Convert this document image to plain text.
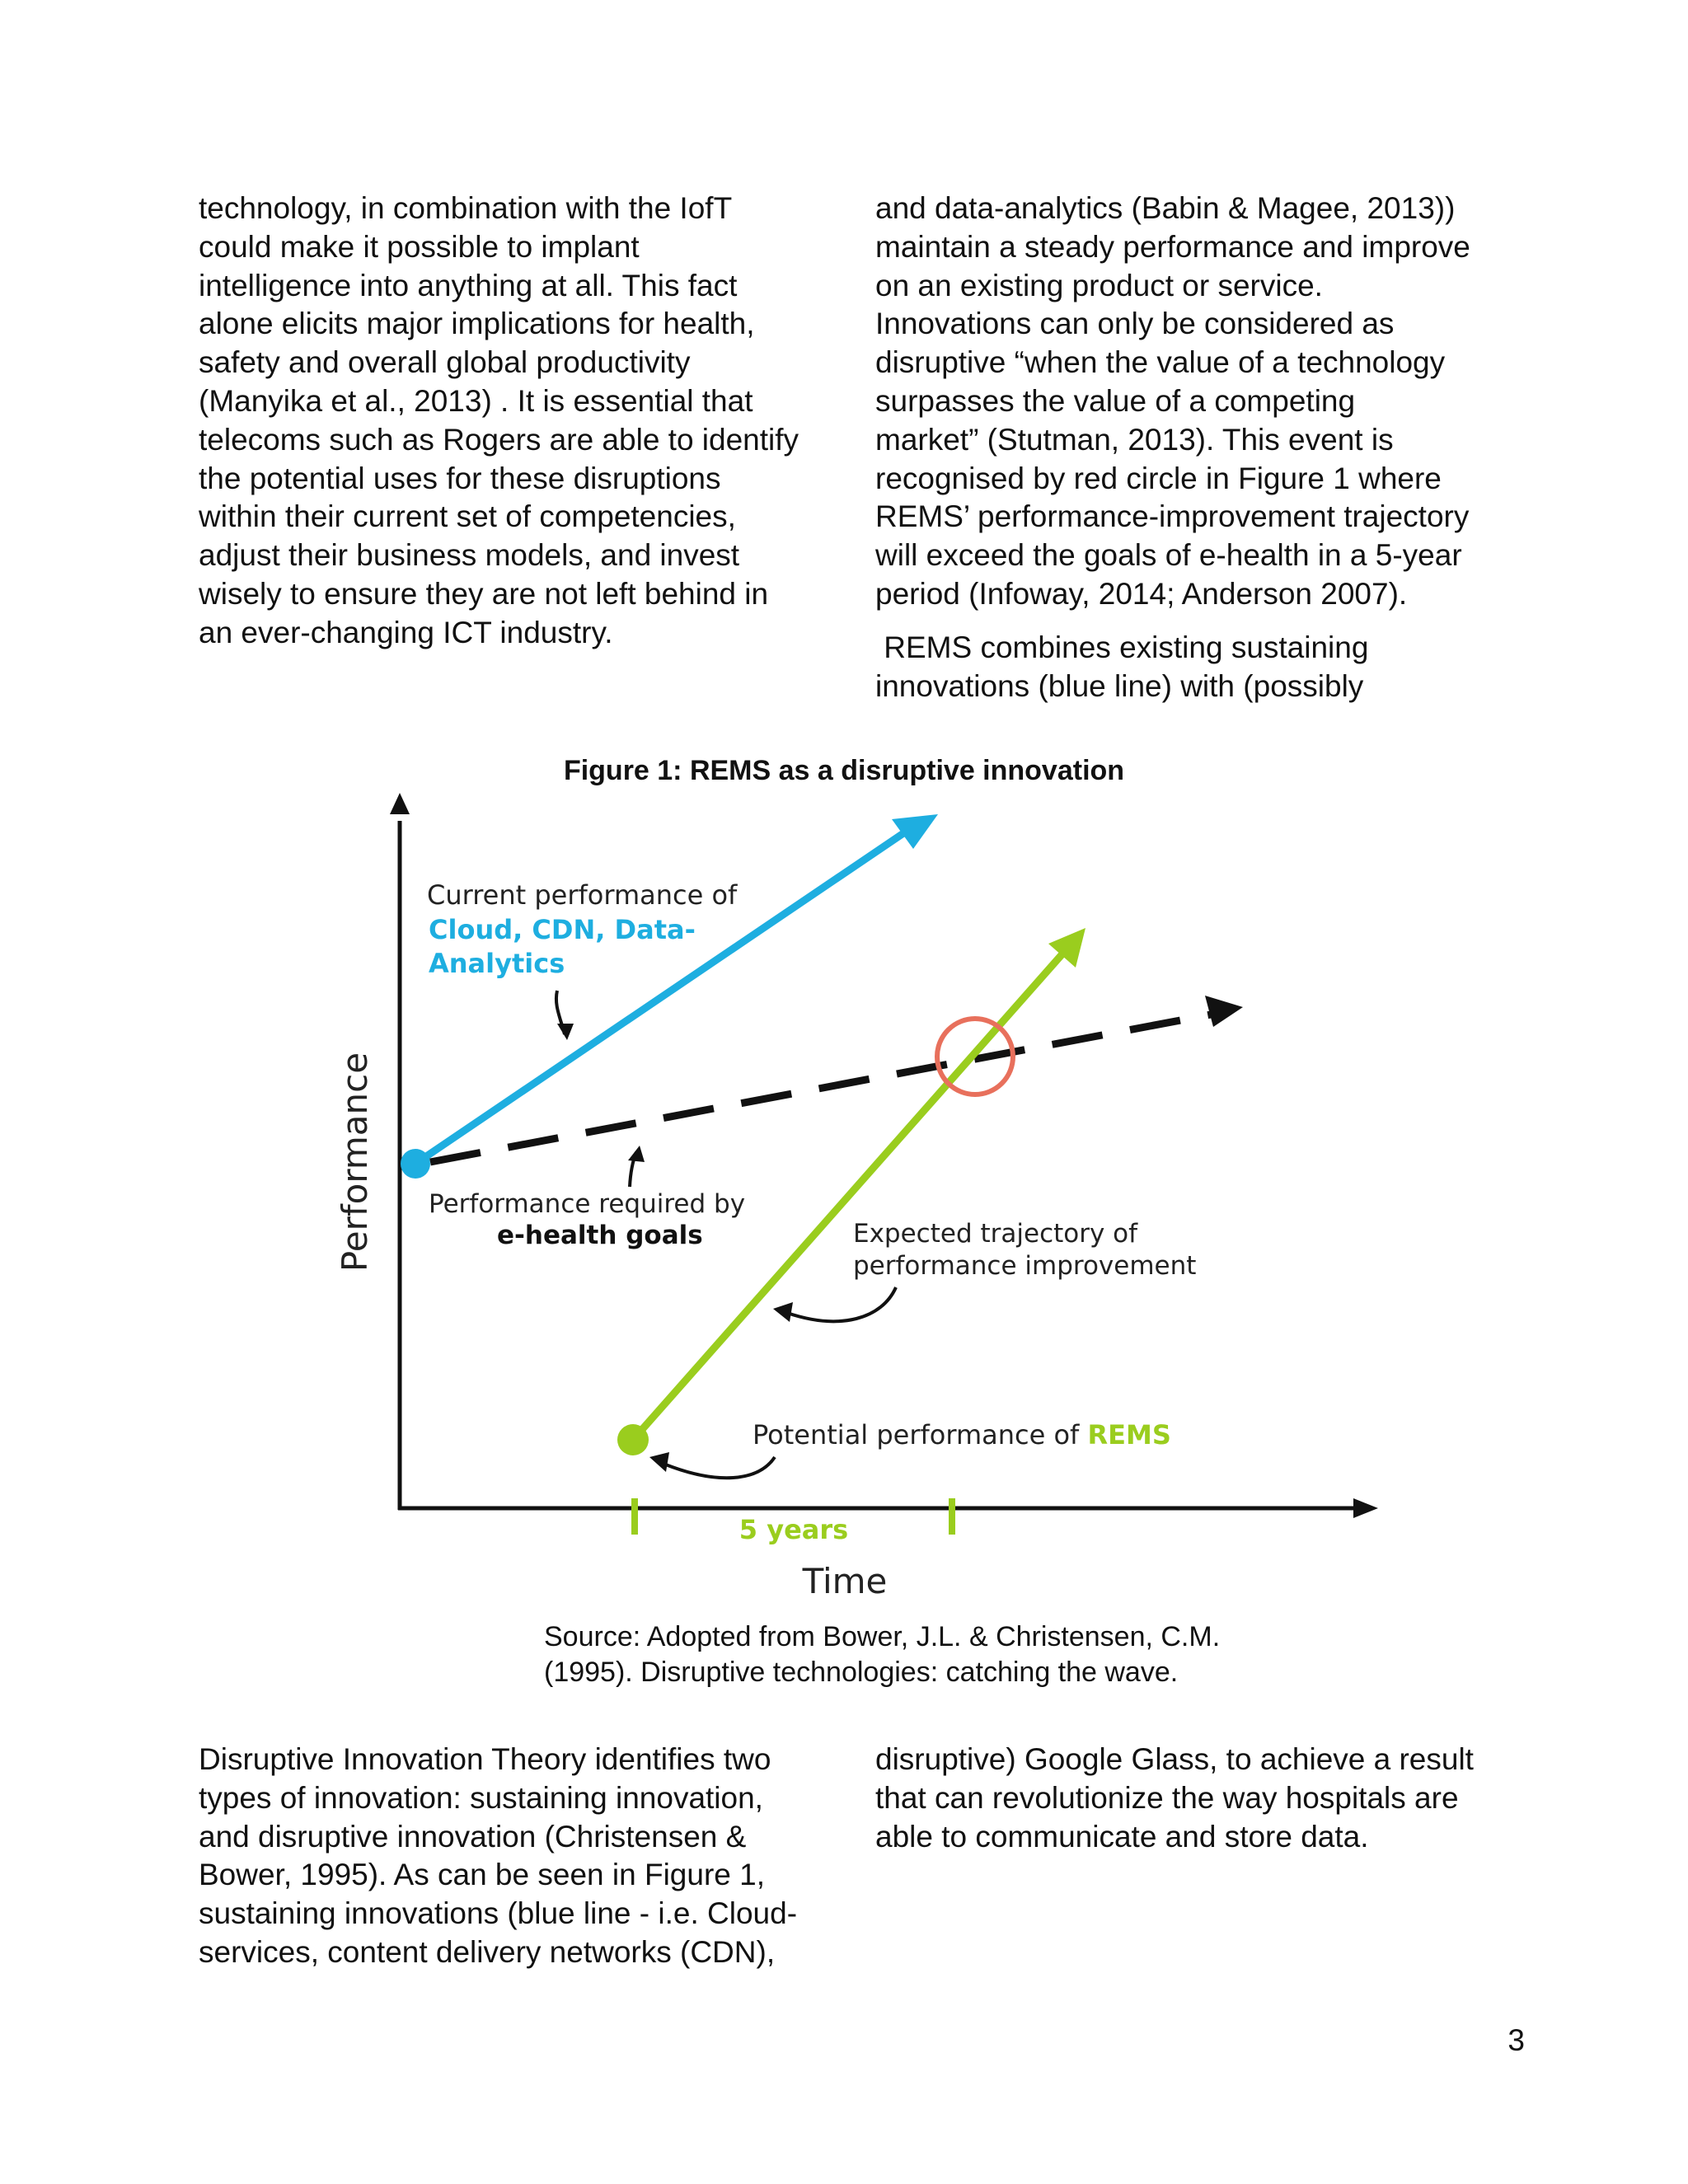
technology, in combination with the IofT
could make it possible to implant
intelligence into anything at all. This fact
alone elicits major implications for health,
safety and overall global productivity
(Manyika et al., 2013) . It is essential that
telecoms such as Rogers are able to identify
the potential uses for these disruptions
within their current set of competencies,
adjust their business models, and invest
wisely to ensure they are not left behind in
an ever-changing ICT industry.

and data-analytics (Babin & Magee, 2013))
maintain a steady performance and improve
on an existing product or service.
Innovations can only be considered as
disruptive “when the value of a technology
surpasses the value of a competing
market” (Stutman, 2013). This event is
recognised by red circle in Figure 1 where
REMS’ performance-improvement trajectory
will exceed the goals of e-health in a 5-year
period (Infoway, 2014; Anderson 2007).

REMS combines existing sustaining
innovations (blue line) with (possibly

Figure 1: REMS as a disruptive innovation
Performance
Time
Current performance of
Cloud, CDN, Data-
Analytics
Performance required by
e-health goals	Expected trajectory of
performance improvement
Potential performance of REMS
5 years
Source: Adopted from Bower, J.L. & Christensen, C.M.
(1995). Disruptive technologies: catching the wave.

Disruptive Innovation Theory identifies two
types of innovation: sustaining innovation,
and disruptive innovation (Christensen &
Bower, 1995). As can be seen in Figure 1,
sustaining innovations (blue line - i.e. Cloud-
services, content delivery networks (CDN),

disruptive) Google Glass, to achieve a result
that can revolutionize the way hospitals are
able to communicate and store data.

3
